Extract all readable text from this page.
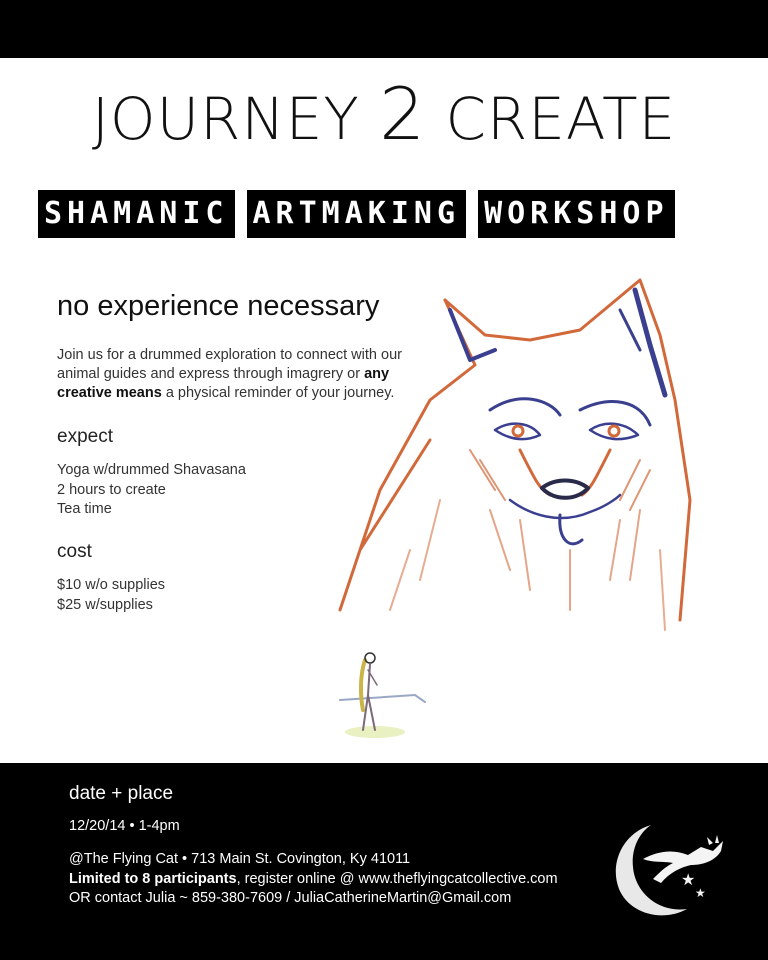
JOURNEY 2 CREATE
SHAMANIC ARTMAKING WORKSHOP
no experience necessary
Join us for a drummed exploration to connect with our animal guides and express through imagrery or any creative means a physical reminder of your journey.
expect
Yoga w/drummed Shavasana
2 hours to create
Tea time
cost
$10 w/o supplies
$25 w/supplies
date + place
12/20/14 • 1-4pm
@The Flying Cat • 713 Main St. Covington, Ky 41011
Limited to 8 participants, register online @ www.theflyingcatcollective.com
OR contact Julia ~ 859-380-7609 / JuliaCatherineMartin@Gmail.com
★
★
